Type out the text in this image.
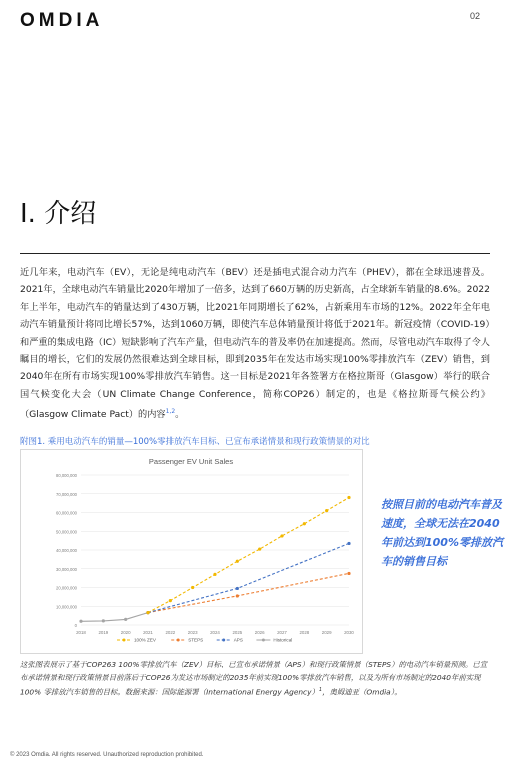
OMDIA	02
I. 介绍
近几年来，电动汽车（EV），无论是纯电动汽车（BEV）还是插电式混合动力汽车（PHEV），都在全球迅速普及。2021年，全球电动汽车销量比2020年增加了一倍多，达到了660万辆的历史新高，占全球新车销量的8.6%。2022年上半年，电动汽车的销量达到了430万辆，比2021年同期增长了62%，占新乘用车市场的12%。2022年全年电动汽车销量预计将同比增长57%，达到1060万辆，即使汽车总体销量预计将低于2021年。新冠疫情（COVID-19）和严重的集成电路（IC）短缺影响了汽车产量，但电动汽车的普及率仍在加速提高。然而，尽管电动汽车取得了令人瞩目的增长，它们的发展仍然很难达到全球目标，即到2035年在发达市场实现100%零排放汽车（ZEV）销售，到2040年在所有市场实现100%零排放汽车销售。这一目标是2021年各签署方在格拉斯哥（Glasgow）举行的联合国气候变化大会（UN Climate Change Conference，简称COP26）制定的，也是《格拉斯哥气候公约》（Glasgow Climate Pact）的内容$^{1,2}$。
附图1. 乘用电动汽车的销量—100%零排放汽车目标、已宣布承诺情景和现行政策情景的对比
Passenger EV Unit Sales
0
10,000,000
20,000,000
30,000,000
40,000,000
50,000,000
60,000,000
70,000,000
80,000,000
2018	2019	2020	2021	2022	2023	2024	2025	2026	2027	2028	2029	2030
100% ZEV	STEPS	APS	Historical
按照目前的电动汽车普及速度，全球无法在2040年前达到100%零排放汽车的销售目标
这张图表展示了基于COP263 100%零排放汽车（ZEV）目标、已宣布承诺情景（APS）和现行政策情景（STEPS）的电动汽车销量预测。已宣布承诺情景和现行政策情景目前落后于COP26为发达市场制定的2035年前实现100%零排放汽车销售，以及为所有市场制定的2040年前实现100% 零排放汽车销售的目标。数据来源：国际能源署（International Energy Agency）$^1$，奥姆迪亚（Omdia）。
© 2023 Omdia. All rights reserved. Unauthorized reproduction prohibited.
